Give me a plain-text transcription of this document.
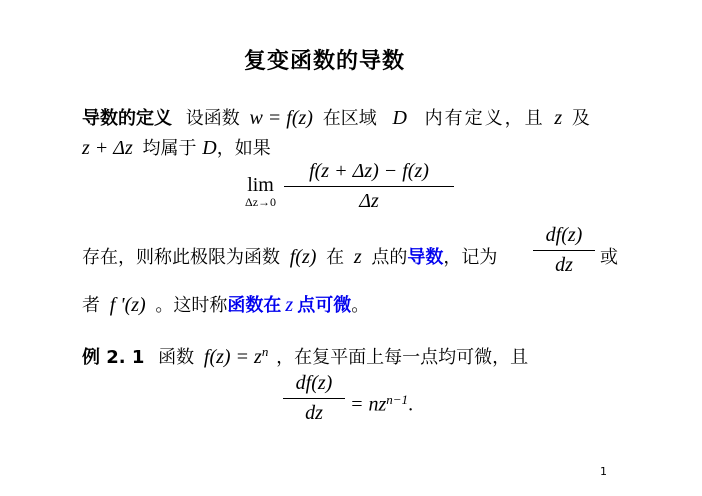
复变函数的导数
导数的定义 设函数 w = f(z) 在区域 D 内有定义，且 z 及
z + Δz 均属于 D，如果
lim
Δz→0
f(z + Δz) − f(z)
Δz
存在，则称此极限为函数 f(z) 在 z 点的导数，记为
df(z)
dz 或
者 f '(z) 。这时称函数在 z 点可微。
例 2. 1 函数 $f(z) = z^n$ ，在复平面上每一点均可微，且
df(z)
dz = $nz^{n-1}$.
1
